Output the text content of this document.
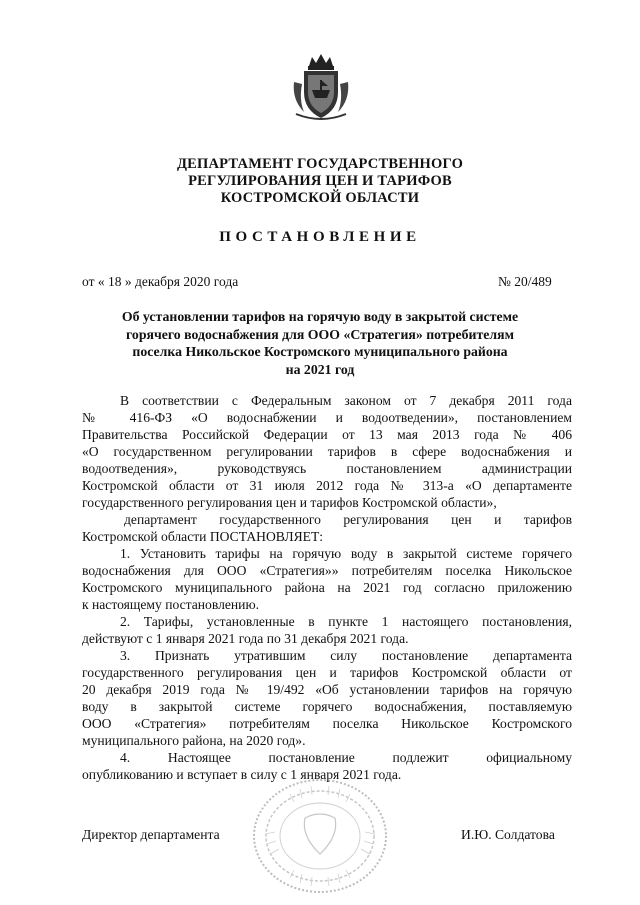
ДЕПАРТАМЕНТ ГОСУДАРСТВЕННОГО
РЕГУЛИРОВАНИЯ ЦЕН И ТАРИФОВ
КОСТРОМСКОЙ ОБЛАСТИ
ПОСТАНОВЛЕНИЕ
от « 18 » декабря 2020 года	№ 20/489
Об установлении тарифов на горячую воду в закрытой системе
горячего водоснабжения для ООО «Стратегия» потребителям
поселка Никольское Костромского муниципального района
на 2021 год
В соответствии с Федеральным законом от 7 декабря 2011 года
№ 416-ФЗ «О водоснабжении и водоотведении», постановлением
Правительства Российской Федерации от 13 мая 2013 года № 406
«О государственном регулировании тарифов в сфере водоснабжения и
водоотведения», руководствуясь постановлением администрации
Костромской области от 31 июля 2012 года № 313-а «О департаменте
государственного регулирования цен и тарифов Костромской области»,
департамент государственного регулирования цен и тарифов
Костромской области ПОСТАНОВЛЯЕТ:
1. Установить тарифы на горячую воду в закрытой системе горячего
водоснабжения для ООО «Стратегия»» потребителям поселка Никольское
Костромского муниципального района на 2021 год согласно приложению
к настоящему постановлению.
2. Тарифы, установленные в пункте 1 настоящего постановления,
действуют с 1 января 2021 года по 31 декабря 2021 года.
3. Признать утратившим силу постановление департамента
государственного регулирования цен и тарифов Костромской области от
20 декабря 2019 года № 19/492 «Об установлении тарифов на горячую
воду в закрытой системе горячего водоснабжения, поставляемую
ООО «Стратегия» потребителям поселка Никольское Костромского
муниципального района, на 2020 год».
4. Настоящее постановление подлежит официальному
опубликованию и вступает в силу с 1 января 2021 года.
Директор департамента	И.Ю. Солдатова
